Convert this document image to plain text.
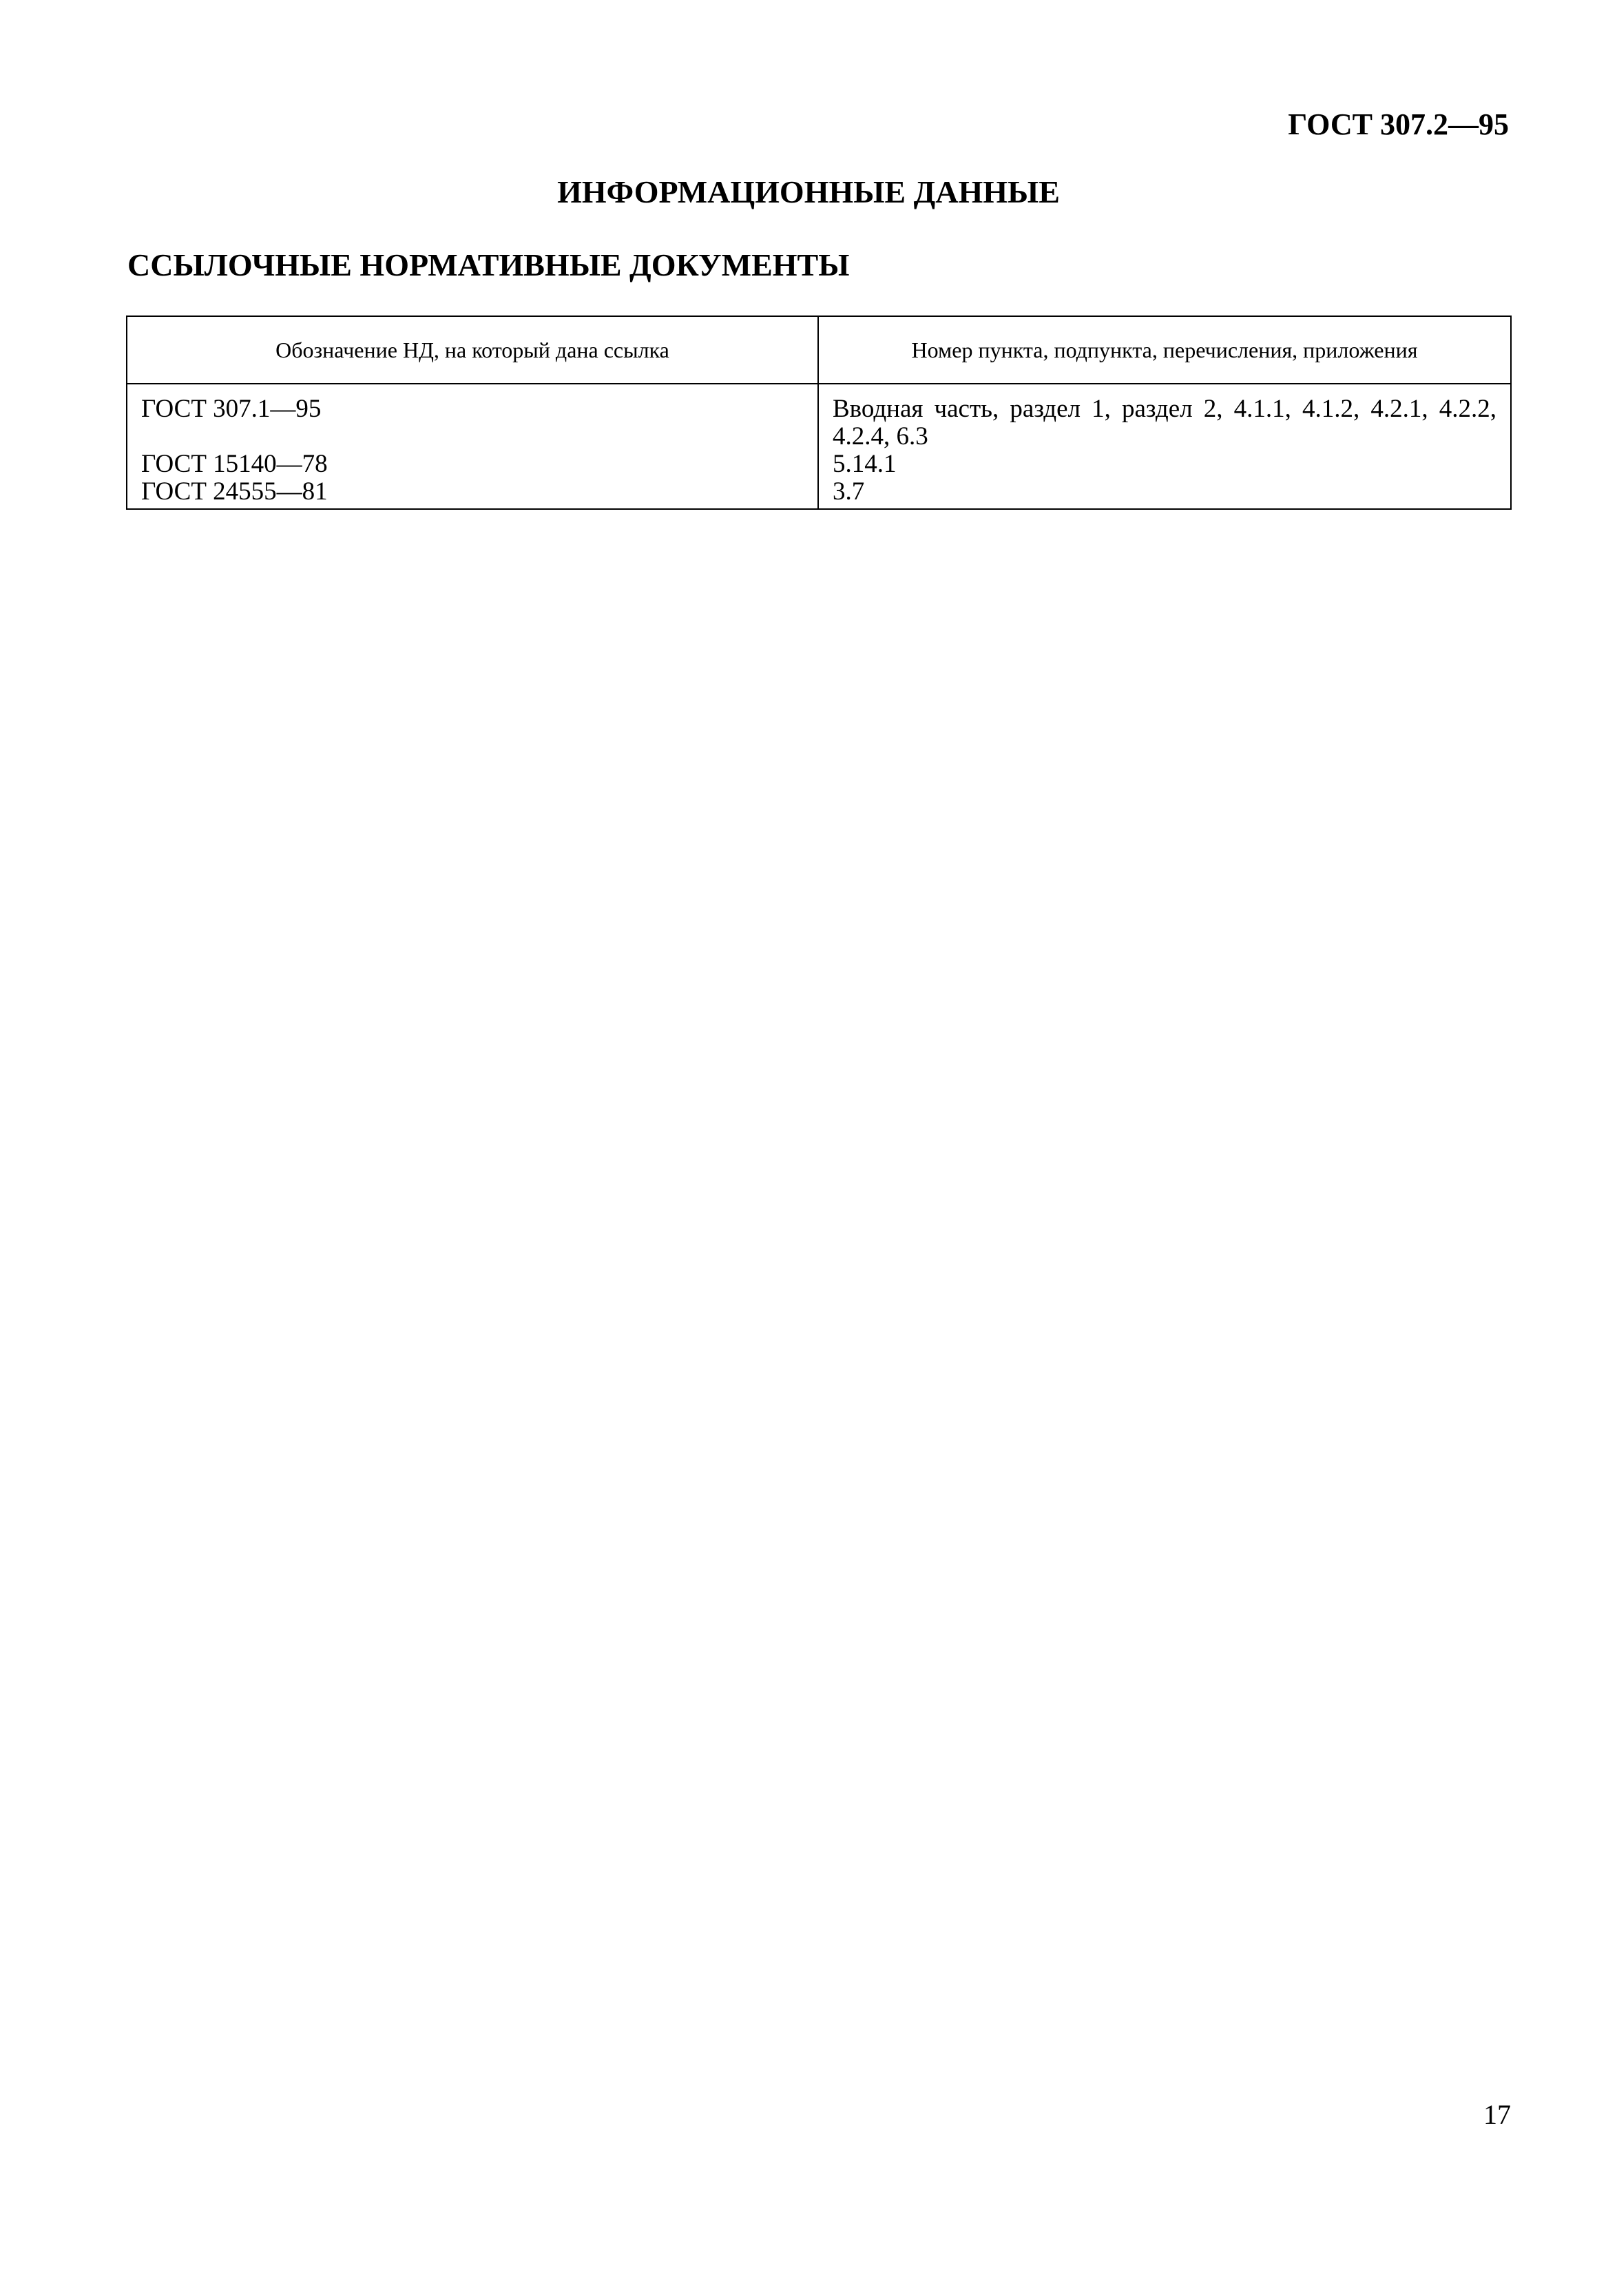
ГОСТ 307.2—95
ИНФОРМАЦИОННЫЕ ДАННЫЕ
ССЫЛОЧНЫЕ НОРМАТИВНЫЕ ДОКУМЕНТЫ
Обозначение НД, на который дана ссылка	Номер пункта, подпункта, перечисления, приложения
ГОСТ 307.1—95	Вводная часть, раздел 1, раздел 2, 4.1.1, 4.1.2, 4.2.1, 4.2.2, 4.2.4, 6.3
ГОСТ 15140—78	5.14.1
ГОСТ 24555—81	3.7
17
